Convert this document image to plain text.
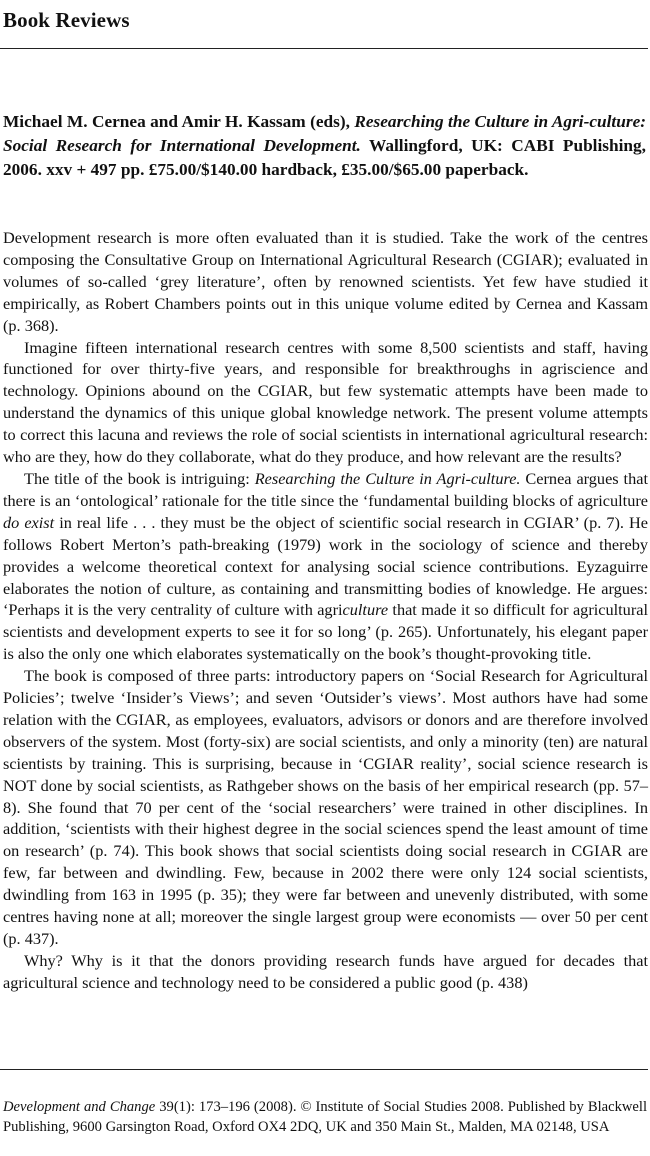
Book Reviews
Michael M. Cernea and Amir H. Kassam (eds), Researching the Culture in Agri-culture: Social Research for International Development. Wallingford, UK: CABI Publishing, 2006. xxv + 497 pp. £75.00/$140.00 hardback, £35.00/$65.00 paperback.

Development research is more often evaluated than it is studied. Take the work of the centres composing the Consultative Group on International Agricultural Research (CGIAR); evaluated in volumes of so-called ‘grey literature’, often by renowned scientists. Yet few have studied it empirically, as Robert Chambers points out in this unique volume edited by Cernea and Kassam (p. 368).

Imagine fifteen international research centres with some 8,500 scientists and staff, having functioned for over thirty-five years, and responsible for breakthroughs in agriscience and technology. Opinions abound on the CGIAR, but few systematic attempts have been made to understand the dynamics of this unique global knowledge network. The present volume attempts to correct this lacuna and reviews the role of social scientists in international agricultural research: who are they, how do they collaborate, what do they produce, and how relevant are the results?

The title of the book is intriguing: Researching the Culture in Agri-culture. Cernea argues that there is an ‘ontological’ rationale for the title since the ‘fundamental building blocks of agriculture do exist in real life . . . they must be the object of scientific social research in CGIAR’ (p. 7). He follows Robert Merton’s path-breaking (1979) work in the sociology of science and thereby provides a welcome theoretical context for analysing social science contributions. Eyzaguirre elaborates the notion of culture, as containing and transmitting bodies of knowledge. He argues: ‘Perhaps it is the very centrality of culture with agriculture that made it so difficult for agricultural scientists and development experts to see it for so long’ (p. 265). Unfortunately, his elegant paper is also the only one which elaborates systematically on the book’s thought-provoking title.

The book is composed of three parts: introductory papers on ‘Social Research for Agricultural Policies’; twelve ‘Insider’s Views’; and seven ‘Outsider’s views’. Most authors have had some relation with the CGIAR, as employees, evaluators, advisors or donors and are therefore involved observers of the system. Most (forty-six) are social scientists, and only a minority (ten) are natural scientists by training. This is surprising, because in ‘CGIAR reality’, social science research is NOT done by social scientists, as Rathgeber shows on the basis of her empirical research (pp. 57–8). She found that 70 per cent of the ‘social researchers’ were trained in other disciplines. In addition, ‘scientists with their highest degree in the social sciences spend the least amount of time on research’ (p. 74). This book shows that social scientists doing social research in CGIAR are few, far between and dwindling. Few, because in 2002 there were only 124 social scientists, dwindling from 163 in 1995 (p. 35); they were far between and unevenly distributed, with some centres having none at all; moreover the single largest group were economists — over 50 per cent (p. 437).

Why? Why is it that the donors providing research funds have argued for decades that agricultural science and technology need to be considered a public good (p. 438)

Development and Change 39(1): 173–196 (2008). © Institute of Social Studies 2008. Published by Blackwell Publishing, 9600 Garsington Road, Oxford OX4 2DQ, UK and 350 Main St., Malden, MA 02148, USA
